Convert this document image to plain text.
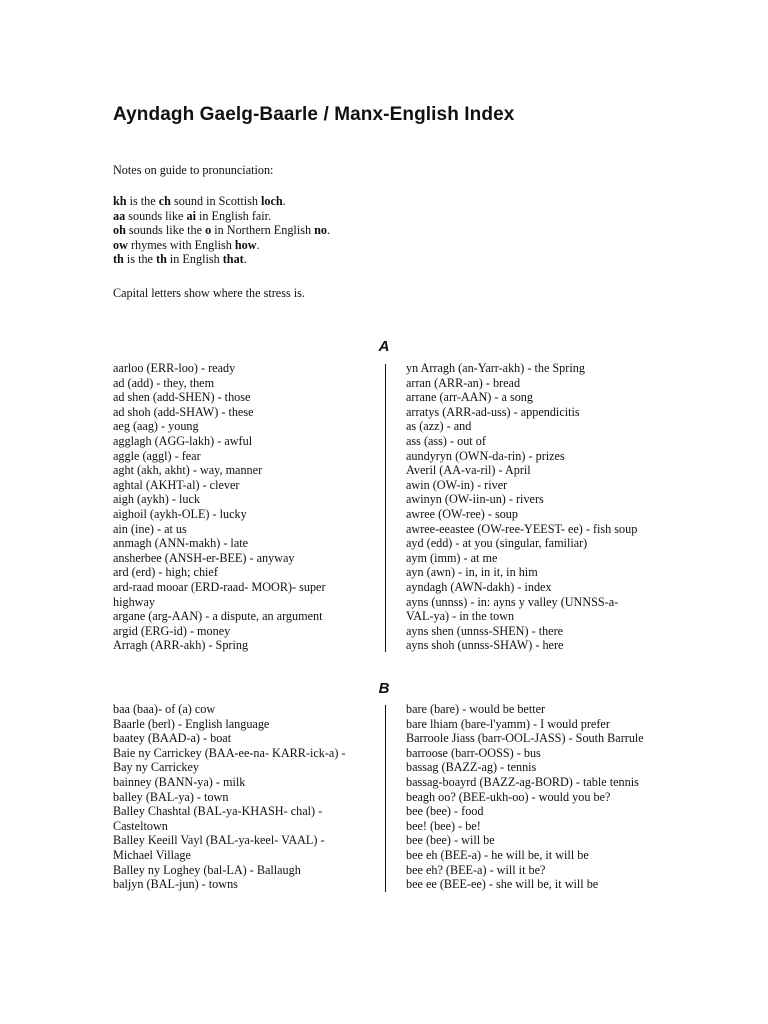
Ayndagh Gaelg-Baarle / Manx-English Index

Notes on guide to pronunciation:

kh is the ch sound in Scottish loch.
aa sounds like ai in English fair.
oh sounds like the o in Northern English no.
ow rhymes with English how.
th is the th in English that.

Capital letters show where the stress is.

A
aarloo (ERR-loo) - ready
ad (add) - they, them
ad shen (add-SHEN) - those
ad shoh (add-SHAW) - these
aeg (aag) - young
agglagh (AGG-lakh) - awful
aggle (aggl) - fear
aght (akh, akht) - way, manner
aghtal (AKHT-al) - clever
aigh (aykh) - luck
aighoil (aykh-OLE) - lucky
ain (ine) - at us
anmagh (ANN-makh) - late
ansherbee (ANSH-er-BEE) - anyway
ard (erd) - high; chief
ard-raad mooar (ERD-raad- MOOR)- super
highway
argane (arg-AAN) - a dispute, an argument
argid (ERG-id) - money
Arragh (ARR-akh) - Spring
yn Arragh (an-Yarr-akh) - the Spring
arran (ARR-an) - bread
arrane (arr-AAN) - a song
arratys (ARR-ad-uss) - appendicitis
as (azz) - and
ass (ass) - out of
aundyryn (OWN-da-rin) - prizes
Averil (AA-va-ril) - April
awin (OW-in) - river
awinyn (OW-iin-un) - rivers
awree (OW-ree) - soup
awree-eeastee (OW-ree-YEEST- ee) - fish soup
ayd (edd) - at you (singular, familiar)
aym (imm) - at me
ayn (awn) - in, in it, in him
ayndagh (AWN-dakh) - index
ayns (unnss) - in: ayns y valley (UNNSS-a-
VAL-ya) - in the town
ayns shen (unnss-SHEN) - there
ayns shoh (unnss-SHAW) - here
B
baa (baa)- of (a) cow
Baarle (berl) - English language
baatey (BAAD-a) - boat
Baie ny Carrickey (BAA-ee-na- KARR-ick-a) -
Bay ny Carrickey
bainney (BANN-ya) - milk
balley (BAL-ya) - town
Balley Chashtal (BAL-ya-KHASH- chal) -
Casteltown
Balley Keeill Vayl (BAL-ya-keel- VAAL) -
Michael Village
Balley ny Loghey (bal-LA) - Ballaugh
baljyn (BAL-jun) - towns
bare (bare) - would be better
bare lhiam (bare-l'yamm) - I would prefer
Barroole Jiass (barr-OOL-JASS) - South Barrule
barroose (barr-OOSS) - bus
bassag (BAZZ-ag) - tennis
bassag-boayrd (BAZZ-ag-BORD) - table tennis
beagh oo? (BEE-ukh-oo) - would you be?
bee (bee) - food
bee! (bee) - be!
bee (bee) - will be
bee eh (BEE-a) - he will be, it will be
bee eh? (BEE-a) - will it be?
bee ee (BEE-ee) - she will be, it will be
